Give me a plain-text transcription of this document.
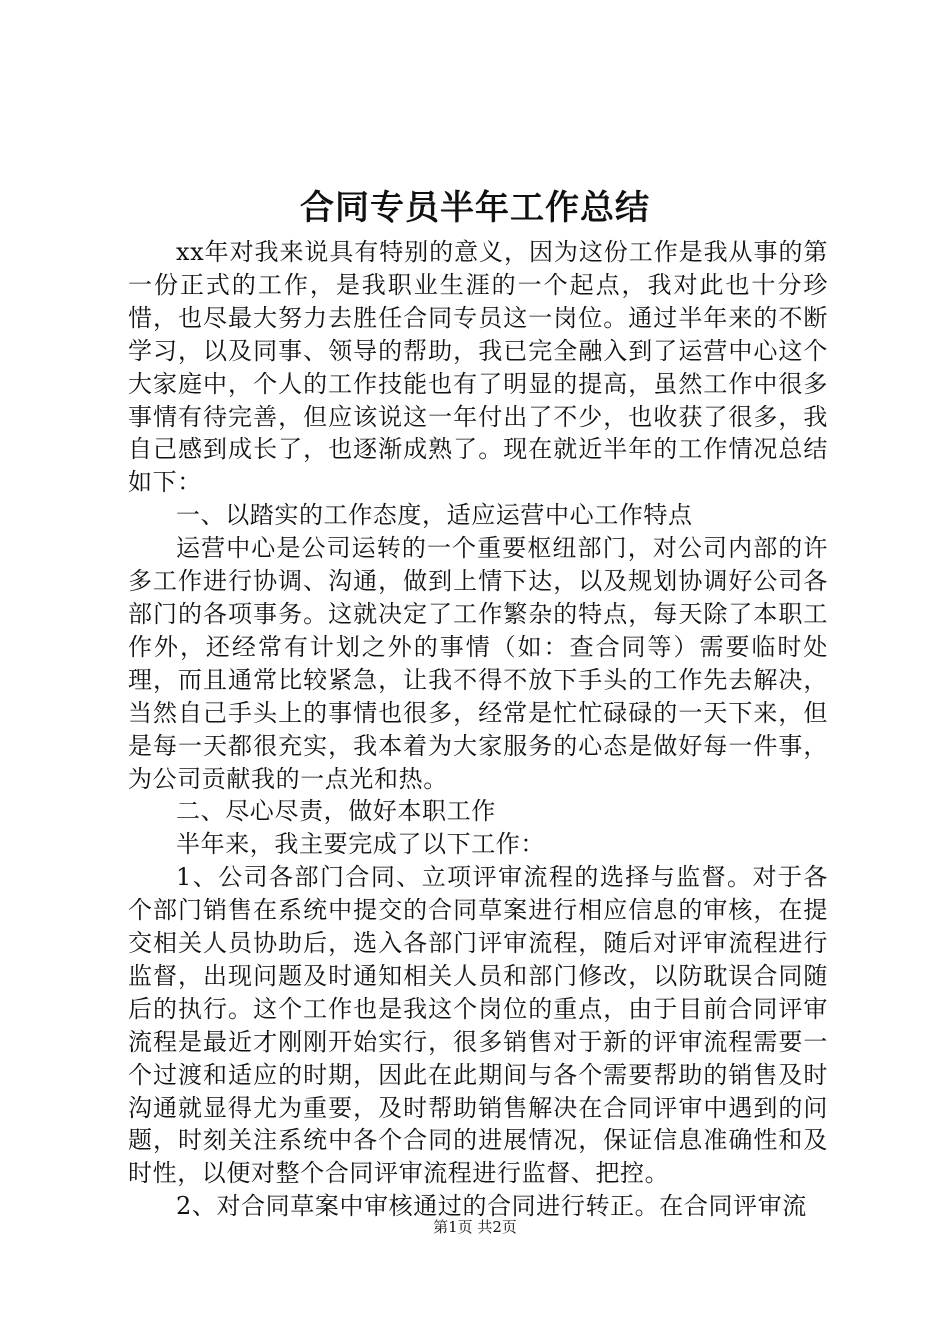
合同专员半年工作总结

xx年对我来说具有特别的意义，因为这份工作是我从事的第一份正式的工作，是我职业生涯的一个起点，我对此也十分珍惜，也尽最大努力去胜任合同专员这一岗位。通过半年来的不断学习，以及同事、领导的帮助，我已完全融入到了运营中心这个大家庭中，个人的工作技能也有了明显的提高，虽然工作中很多事情有待完善，但应该说这一年付出了不少，也收获了很多，我自己感到成长了，也逐渐成熟了。现在就近半年的工作情况总结如下：

一、以踏实的工作态度，适应运营中心工作特点

运营中心是公司运转的一个重要枢纽部门，对公司内部的许多工作进行协调、沟通，做到上情下达，以及规划协调好公司各部门的各项事务。这就决定了工作繁杂的特点，每天除了本职工作外，还经常有计划之外的事情（如：查合同等）需要临时处理，而且通常比较紧急，让我不得不放下手头的工作先去解决，当然自己手头上的事情也很多，经常是忙忙碌碌的一天下来，但是每一天都很充实，我本着为大家服务的心态是做好每一件事，为公司贡献我的一点光和热。

二、尽心尽责，做好本职工作

半年来，我主要完成了以下工作：

1、公司各部门合同、立项评审流程的选择与监督。对于各个部门销售在系统中提交的合同草案进行相应信息的审核，在提交相关人员协助后，选入各部门评审流程，随后对评审流程进行监督，出现问题及时通知相关人员和部门修改，以防耽误合同随后的执行。这个工作也是我这个岗位的重点，由于目前合同评审流程是最近才刚刚开始实行，很多销售对于新的评审流程需要一个过渡和适应的时期，因此在此期间与各个需要帮助的销售及时沟通就显得尤为重要，及时帮助销售解决在合同评审中遇到的问题，时刻关注系统中各个合同的进展情况，保证信息准确性和及时性，以便对整个合同评审流程进行监督、把控。

2、对合同草案中审核通过的合同进行转正。在合同评审流

第1页 共2页
